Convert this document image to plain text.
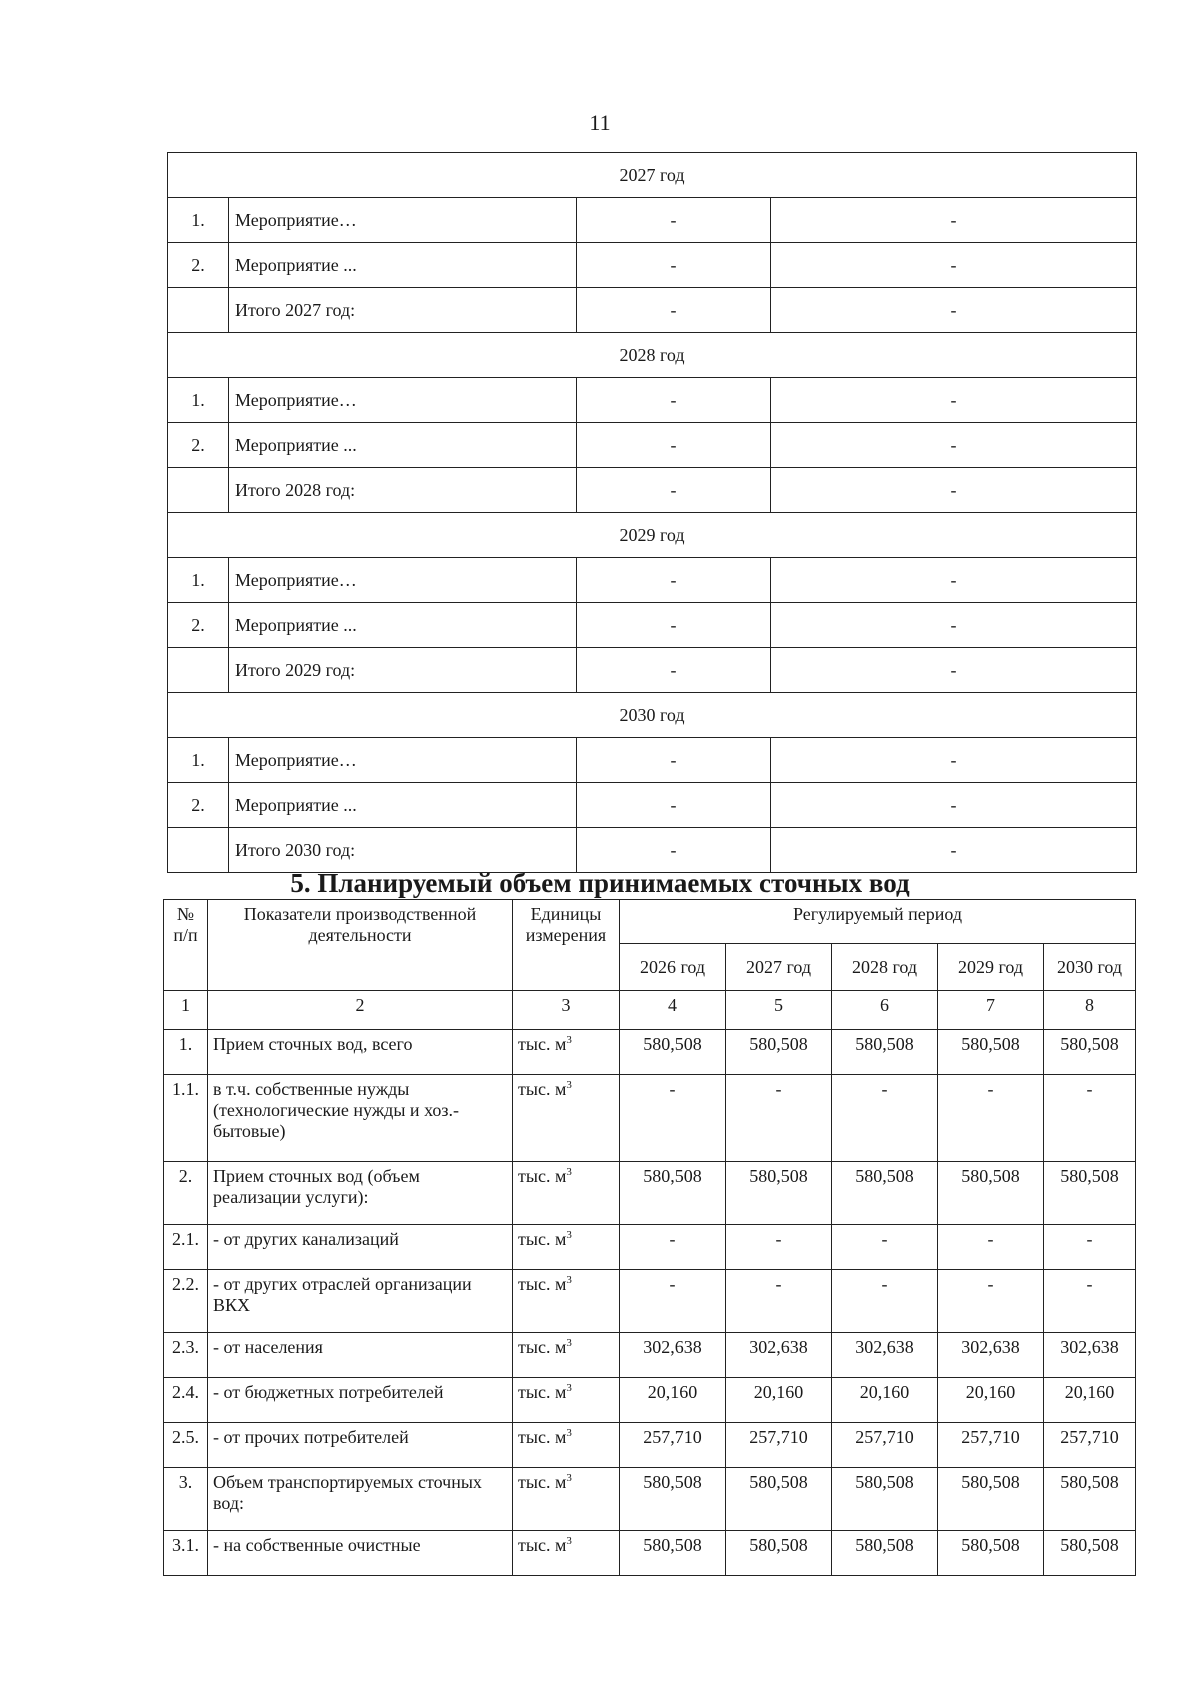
11
2027 год			
1.	Мероприятие…	-	-
2.	Мероприятие ...	-	-
	Итого 2027 год:	-	-
2028 год			
1.	Мероприятие…	-	-
2.	Мероприятие ...	-	-
	Итого 2028 год:	-	-
2029 год			
1.	Мероприятие…	-	-
2.	Мероприятие ...	-	-
	Итого 2029 год:	-	-
2030 год			
1.	Мероприятие…	-	-
2.	Мероприятие ...	-	-
	Итого 2030 год:	-	-
5. Планируемый объем принимаемых сточных вод
№ п/п	Показатели производственной деятельности	Единицы измерения	Регулируемый период				
			2026 год	2027 год	2028 год	2029 год	2030 год
1	2	3	4	5	6	7	8
1.	Прием сточных вод, всего	тыс. $м^3$	580,508	580,508	580,508	580,508	580,508
1.1.	в т.ч. собственные нужды (технологические нужды и хоз.-бытовые)	тыс. $м^3$	-	-	-	-	-
2.	Прием сточных вод (объем реализации услуги):	тыс. $м^3$	580,508	580,508	580,508	580,508	580,508
2.1.	- от других канализаций	тыс. $м^3$	-	-	-	-	-
2.2.	- от других отраслей организации ВКХ	тыс. $м^3$	-	-	-	-	-
2.3.	- от населения	тыс. $м^3$	302,638	302,638	302,638	302,638	302,638
2.4.	- от бюджетных потребителей	тыс. $м^3$	20,160	20,160	20,160	20,160	20,160
2.5.	- от прочих потребителей	тыс. $м^3$	257,710	257,710	257,710	257,710	257,710
3.	Объем транспортируемых сточных вод:	тыс. $м^3$	580,508	580,508	580,508	580,508	580,508
3.1.	- на собственные очистные	тыс. $м^3$	580,508	580,508	580,508	580,508	580,508
